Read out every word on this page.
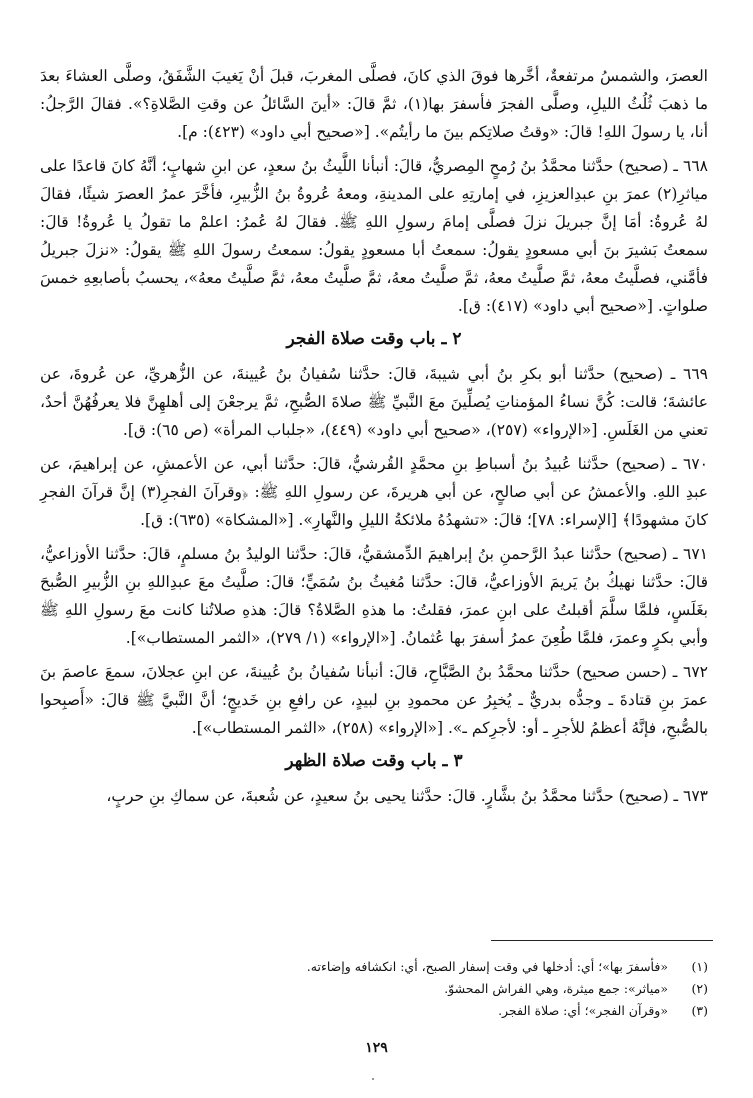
العصرَ، والشمسُ مرتفعةٌ، أخَّرها فوقَ الذي كانَ، فصلَّى المغربَ، قبلَ أنْ يَغيبَ الشَّفَقُ، وصلَّى العشاءَ بعدَ ما ذهبَ ثُلُثُ الليلِ، وصلَّى الفجرَ فأسفرَ بها(١)، ثمَّ قالَ: «أينَ السَّائلُ عن وقتِ الصَّلاةِ؟». فقالَ الرَّجلُ: أنا، يا رسولَ اللهِ! قالَ: «وقتُ صلاتِكم بينَ ما رأيتُم». [«صحيح أبي داود» (٤٢٣): م].

٦٦٨ ـ (صحيح) حدَّثنا محمَّدُ بنُ رُمحٍ المِصريُّ، قالَ: أنبأنا اللَّيثُ بنُ سعدٍ، عن ابنِ شهابٍ؛ أنَّهُ كانَ قاعدًا على مياثرِ(٢) عمرَ بنِ عبدِالعزيزِ، في إمارتِهِ على المدينةِ، ومعهُ عُروةُ بنُ الزُّبيرِ، فأخَّرَ عمرُ العصرَ شيئًا، فقالَ لهُ عُروةُ: أمَا إنَّ جبريلَ نزلَ فصلَّى إمامَ رسولِ اللهِ ﷺ. فقالَ لهُ عُمرُ: اعلمْ ما تقولُ يا عُروةُ! قالَ: سمعتُ بَشيرَ بنَ أبي مسعودٍ يقولُ: سمعتُ أبا مسعودٍ يقولُ: سمعتُ رسولَ اللهِ ﷺ يقولُ: «نزلَ جبريلُ فأمَّني، فصلَّيتُ معهُ، ثمَّ صلَّيتُ معهُ، ثمَّ صلَّيتُ معهُ، ثمَّ صلَّيتُ معهُ، ثمَّ صلَّيتُ معهُ»، يحسبُ بأصابعِهِ خمسَ صلواتٍ. [«صحيح أبي داود» (٤١٧): ق].

٢ ـ باب وقت صلاة الفجر

٦٦٩ ـ (صحيح) حدَّثنا أبو بكرِ بنُ أبي شيبةَ، قالَ: حدَّثنا سُفيانُ بنُ عُيينةَ، عن الزُّهريِّ، عن عُروةَ، عن عائشةَ؛ قالت: كُنَّ نساءُ المؤمناتِ يُصلِّينَ معَ النَّبيِّ ﷺ صلاةَ الصُّبحِ، ثمَّ يرجعْنَ إلى أهلهِنَّ فلا يعرفُهُنَّ أحدٌ، تعني من الغَلَسِ. [«الإرواء» (٢٥٧)، «صحيح أبي داود» (٤٤٩)، «جلباب المرأة» (ص ٦٥): ق].

٦٧٠ ـ (صحيح) حدَّثنا عُبيدُ بنُ أسباطِ بنِ محمَّدٍ القُرشيُّ، قالَ: حدَّثنا أبي، عن الأعمشِ، عن إبراهيمَ، عن عبدِ اللهِ. والأعمشُ عن أبي صالحٍ، عن أبي هريرةَ، عن رسولِ اللهِ ﷺ: ﴿وقرآنَ الفجرِ(٣) إنَّ قرآنَ الفجرِ كانَ مشهودًا﴾ [الإسراء: ٧٨]؛ قالَ: «تشهدُهُ ملائكةُ الليلِ والنَّهارِ». [«المشكاة» (٦٣٥): ق].

٦٧١ ـ (صحيح) حدَّثنا عبدُ الرَّحمنِ بنُ إبراهيمَ الدِّمشقيُّ، قالَ: حدَّثنا الوليدُ بنُ مسلمٍ، قالَ: حدَّثنا الأوزاعيُّ، قالَ: حدَّثنا نهيكُ بنُ يَريمَ الأوزاعيُّ، قالَ: حدَّثنا مُغيثُ بنُ سُمَيٍّ؛ قالَ: صلَّيتُ معَ عبدِاللهِ بنِ الزُّبيرِ الصُّبحَ بغَلَسٍ، فلمَّا سلَّمَ أقبلتُ على ابنِ عمرَ، فقلتُ: ما هذهِ الصَّلاةُ؟ قالَ: هذهِ صلاتُنا كانت معَ رسولِ اللهِ ﷺ وأبي بكرٍ وعمرَ، فلمَّا طُعِنَ عمرُ أسفرَ بها عُثمانُ. [«الإرواء» (١/ ٢٧٩)، «الثمر المستطاب»].

٦٧٢ ـ (حسن صحيح) حدَّثنا محمَّدُ بنُ الصَّبَّاحِ، قالَ: أنبأنا سُفيانُ بنُ عُيينةَ، عن ابنِ عجلانَ، سمعَ عاصمَ بنَ عمرَ بنِ قتادةَ ـ وجدُّه بدريٌّ ـ يُخبِرُ عن محمودِ بنِ لبيدٍ، عن رافعِ بنِ خَديجٍ؛ أنَّ النَّبيَّ ﷺ قالَ: «أَصبِحوا بالصُّبحِ، فإنَّهُ أعظمُ للأجرِ ـ أو: لأجرِكم ـ». [«الإرواء» (٢٥٨)، «الثمر المستطاب»].

٣ ـ باب وقت صلاة الظهر

٦٧٣ ـ (صحيح) حدَّثنا محمَّدُ بنُ بشَّارٍ. قالَ: حدَّثنا يحيى بنُ سعيدٍ، عن شُعبةَ، عن سماكِ بنِ حربٍ،

(١)«فأسفرَ بها»؛ أي: أدخلها في وقت إسفار الصبح، أي: انكشافه وإضاءته.

(٢)«مياثر»: جمع ميثرة، وهي الفراش المحشوّ.

(٣)«وقرآن الفجر»؛ أي: صلاة الفجر.

١٢٩
